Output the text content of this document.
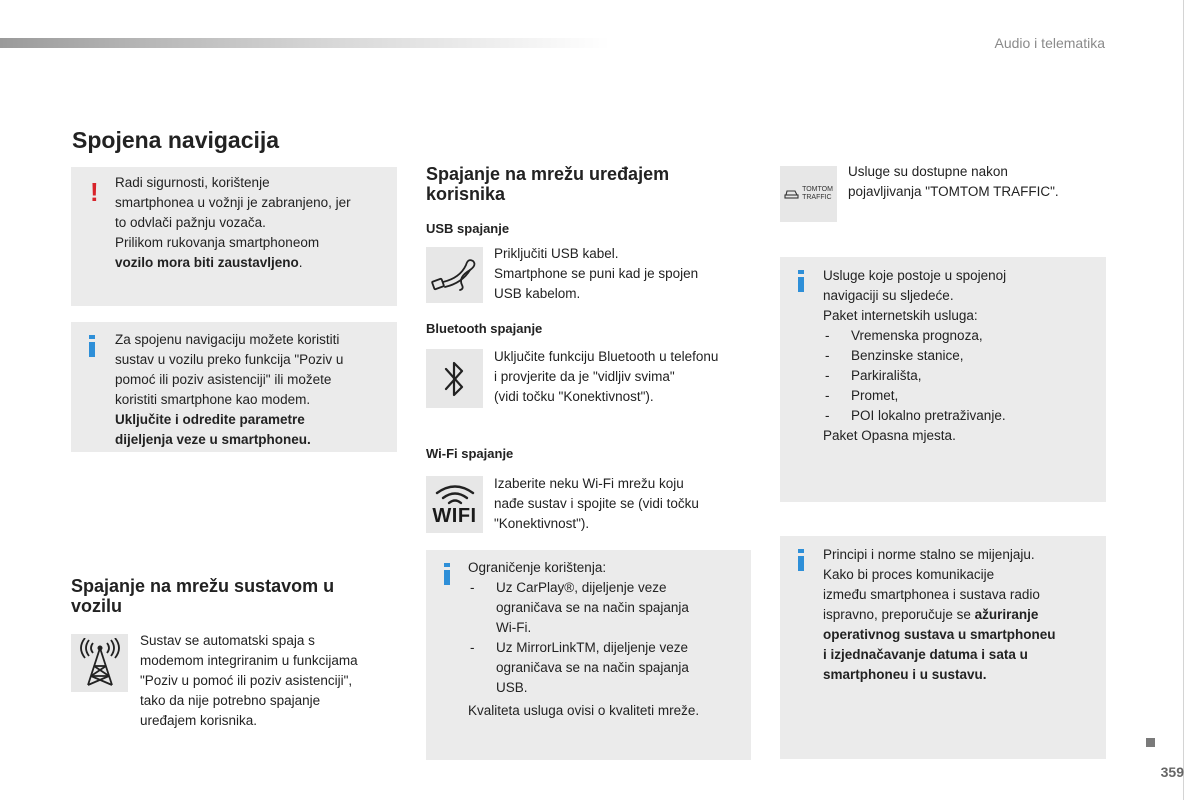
Audio i telematika
359
Spojena navigacija
! Radi sigurnosti, korištenje

smartphonea u vožnji je zabranjeno, jer

to odvlači pažnju vozača.

Prilikom rukovanja smartphoneom

vozilo mora biti zaustavljeno.

Za spojenu navigaciju možete koristiti

sustav u vozilu preko funkcija "Poziv u

pomoć ili poziv asistenciji" ili možete

koristiti smartphone kao modem.

Uključite i odredite parametre

dijeljenja veze u smartphoneu.

Spajanje na mrežu sustavom u vozilu

Sustav se automatski spaja s

modemom integriranim u funkcijama

"Poziv u pomoć ili poziv asistenciji",

tako da nije potrebno spajanje

uređajem korisnika.

Spajanje na mrežu uređajem korisnika
USB spajanje

Priključiti USB kabel.

Smartphone se puni kad je spojen

USB kabelom.

Bluetooth spajanje

Uključite funkciju Bluetooth u telefonu

i provjerite da je "vidljiv svima"

(vidi točku "Konektivnost").

Wi-Fi spajanje
WIFI

Izaberite neku Wi-Fi mrežu koju

nađe sustav i spojite se (vidi točku

"Konektivnost").

Ograničenje korištenja:

- Uz CarPlay®, dijeljenje veze
ograničava se na način spajanja
Wi-Fi.
- Uz MirrorLinkTM, dijeljenje veze
ograničava se na način spajanja
USB.

Kvaliteta usluga ovisi o kvaliteti mreže.

TOMTOM
TRAFFIC

Usluge su dostupne nakon

pojavljivanja "TOMTOM TRAFFIC".

Usluge koje postoje u spojenoj

navigaciji su sljedeće.

Paket internetskih usluga:

- Vremenska prognoza,
- Benzinske stanice,
- Parkirališta,
- Promet,
- POI lokalno pretraživanje.

Paket Opasna mjesta.

Principi i norme stalno se mijenjaju.

Kako bi proces komunikacije

između smartphonea i sustava radio

ispravno, preporučuje se ažuriranje

operativnog sustava u smartphoneu

i izjednačavanje datuma i sata u

smartphoneu i u sustavu.
